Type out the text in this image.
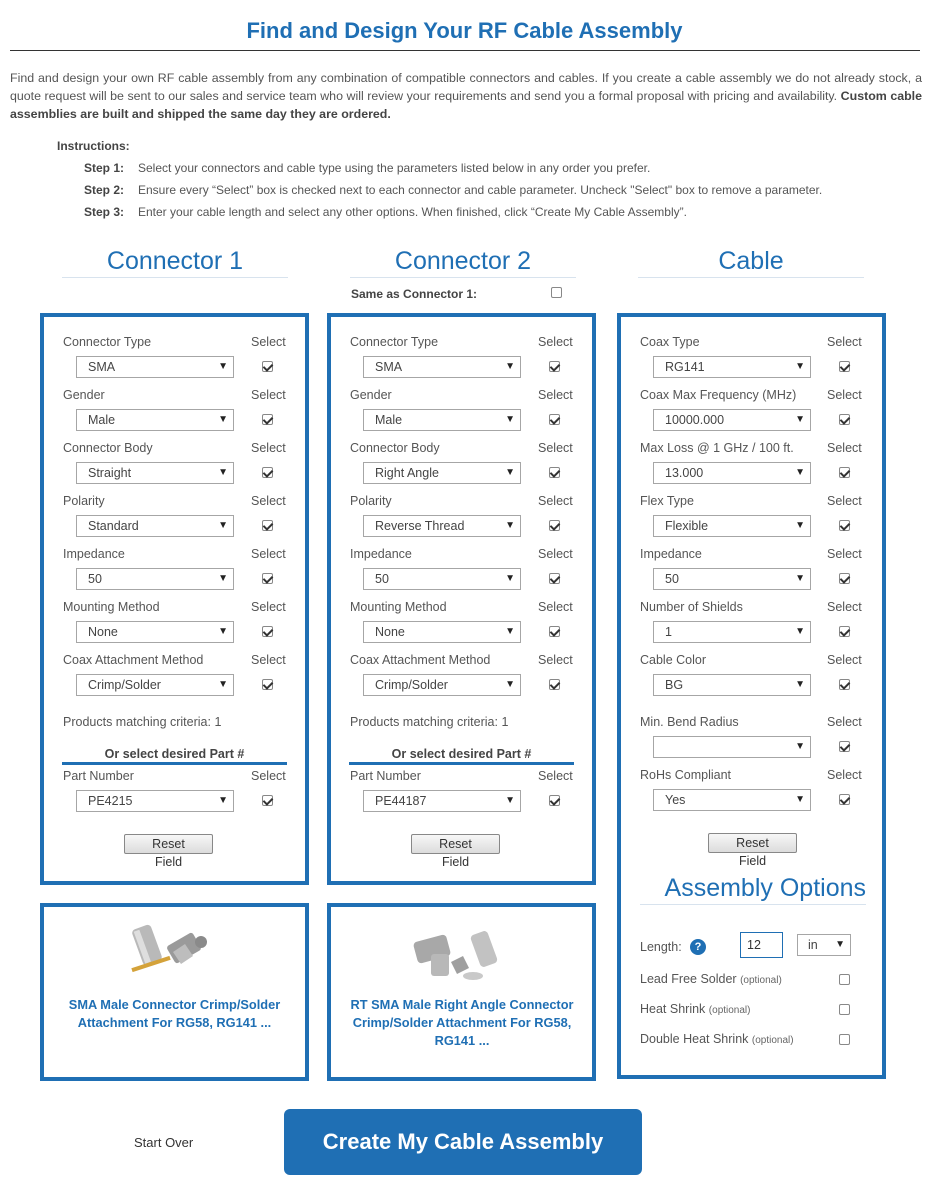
Find and Design Your RF Cable Assembly
Find and design your own RF cable assembly from any combination of compatible connectors and cables. If you create a cable assembly we do not already stock, a quote request will be sent to our sales and service team who will review your requirements and send you a formal proposal with pricing and availability. Custom cable assemblies are built and shipped the same day they are ordered.
Instructions:
Step 1: Select your connectors and cable type using the parameters listed below in any order you prefer.
Step 2: Ensure every “Select” box is checked next to each connector and cable parameter. Uncheck "Select" box to remove a parameter.
Step 3: Enter your cable length and select any other options. When finished, click “Create My Cable Assembly”.
Connector 1	Connector 2	Cable
Same as Connector 1:
Connector Type	Select
SMA	▼
Gender	Select
Male	▼
Connector Body	Select
Straight	▼
Polarity	Select
Standard	▼
Impedance	Select
50	▼
Mounting Method	Select
None	▼
Coax Attachment Method	Select
Crimp/Solder	▼
Products matching criteria: 1
Or select desired Part #
Part Number	Select
PE4215	▼
Reset Field
Connector Type	Select
SMA	▼
Gender	Select
Male	▼
Connector Body	Select
Right Angle	▼
Polarity	Select
Reverse Thread	▼
Impedance	Select
50	▼
Mounting Method	Select
None	▼
Coax Attachment Method	Select
Crimp/Solder	▼
Products matching criteria: 1
Or select desired Part #
Part Number	Select
PE44187	▼
Reset Field
Coax Type	Select
RG141	▼
Coax Max Frequency (MHz) Select
10000.000	▼
Max Loss @ 1 GHz / 100 ft.	Select
13.000	▼
Flex Type	Select
Flexible	▼
Impedance	Select
50	▼
Number of Shields	Select
1	▼
Cable Color	Select
BG	▼
Min. Bend Radius	Select
▼
RoHs Compliant	Select
Yes	▼
Reset Field
Assembly Options
Length:	?	12	in ▼
Lead Free Solder (optional)
Heat Shrink (optional)
Double Heat Shrink (optional)
SMA Male Connector Crimp/Solder Attachment For RG58, RG141 ...
RT SMA Male Right Angle Connector Crimp/Solder Attachment For RG58, RG141 ...
Start Over	Create My Cable Assembly
